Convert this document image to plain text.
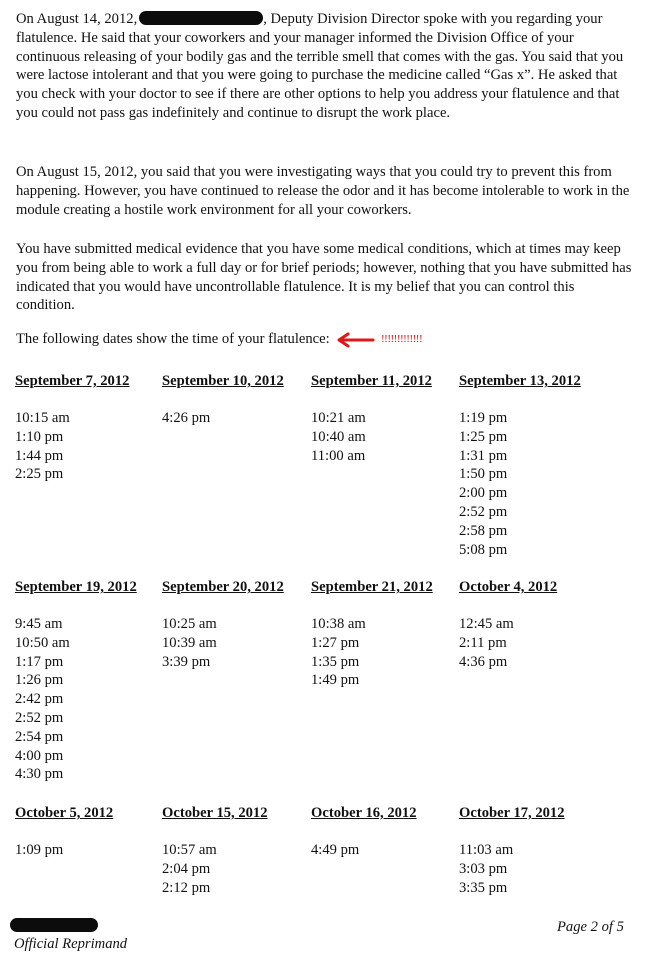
On August 14, 2012,	, Deputy Division Director spoke with you regarding your flatulence. He said that your coworkers and your manager informed the Division Office of your continuous releasing of your bodily gas and the terrible smell that comes with the gas. You said that you were lactose intolerant and that you were going to purchase the medicine called “Gas x”. He asked that you check with your doctor to see if there are other options to help you address your flatulence and that you could not pass gas indefinitely and continue to disrupt the work place.

On August 15, 2012, you said that you were investigating ways that you could try to prevent this from happening. However, you have continued to release the odor and it has become intolerable to work in the module creating a hostile work environment for all your coworkers.

You have submitted medical evidence that you have some medical conditions, which at times may keep you from being able to work a full day or for brief periods; however, nothing that you have submitted has indicated that you would have uncontrollable flatulence. It is my belief that you can control this condition.

The following dates show the time of your flatulence:	!!!!!!!!!!!!!
September 7, 2012
10:15 am
1:10 pm
1:44 pm
2:25 pm
September 10, 2012
4:26 pm
September 11, 2012
10:21 am
10:40 am
11:00 am
September 13, 2012
1:19 pm
1:25 pm
1:31 pm
1:50 pm
2:00 pm
2:52 pm
2:58 pm
5:08 pm
September 19, 2012
9:45 am
10:50 am
1:17 pm
1:26 pm
2:42 pm
2:52 pm
2:54 pm
4:00 pm
4:30 pm
September 20, 2012
10:25 am
10:39 am
3:39 pm
September 21, 2012
10:38 am
1:27 pm
1:35 pm
1:49 pm
October 4, 2012
12:45 am
2:11 pm
4:36 pm
October 5, 2012
1:09 pm
October 15, 2012
10:57 am
2:04 pm
2:12 pm
October 16, 2012
4:49 pm
October 17, 2012
11:03 am
3:03 pm
3:35 pm
Official Reprimand
Page 2 of 5
